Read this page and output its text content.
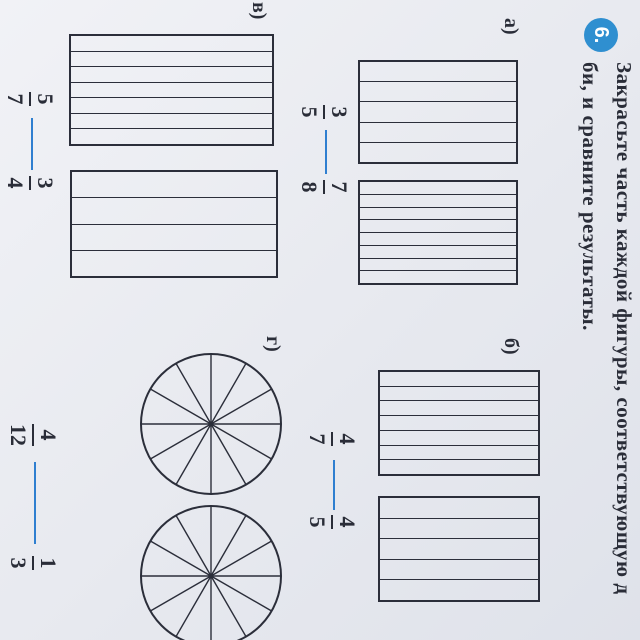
6.
Закрасьте часть каждой фигуры, соответствующую д
би, и сравните результаты.
а)
3
5
7
8
б)
4
7
4
5
в)
5
7
3
4
г)
4
12
1
3
